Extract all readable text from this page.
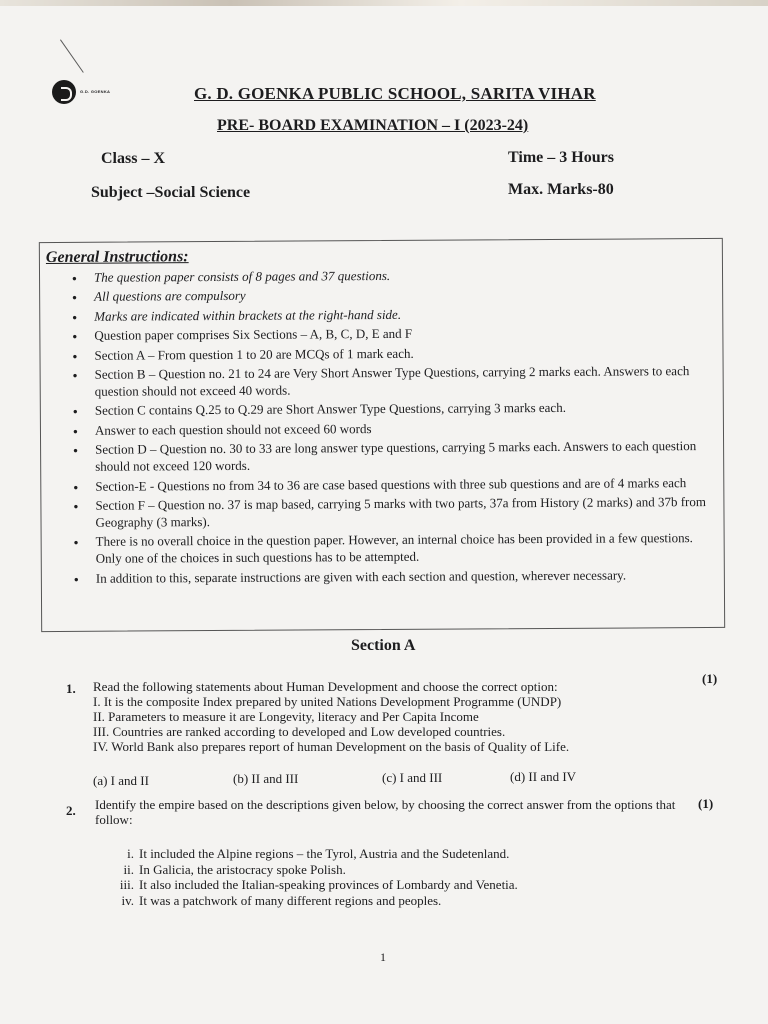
G.D. GOENKA	G. D. GOENKA PUBLIC SCHOOL, SARITA VIHAR
PRE- BOARD EXAMINATION – I (2023-24)
Class – X	Time – 3 Hours
Subject –Social Science	Max. Marks-80
General Instructions:
● The question paper consists of 8 pages and 37 questions.
● All questions are compulsory
● Marks are indicated within brackets at the right-hand side.
● Question paper comprises Six Sections – A, B, C, D, E and F
● Section A – From question 1 to 20 are MCQs of 1 mark each.
● Section B – Question no. 21 to 24 are Very Short Answer Type Questions, carrying 2 marks each. Answers to each question should not exceed 40 words.
● Section C contains Q.25 to Q.29 are Short Answer Type Questions, carrying 3 marks each.
● Answer to each question should not exceed 60 words
● Section D – Question no. 30 to 33 are long answer type questions, carrying 5 marks each. Answers to each question should not exceed 120 words.
● Section-E - Questions no from 34 to 36 are case based questions with three sub questions and are of 4 marks each
● Section F – Question no. 37 is map based, carrying 5 marks with two parts, 37a from History (2 marks) and 37b from Geography (3 marks).
● There is no overall choice in the question paper. However, an internal choice has been provided in a few questions. Only one of the choices in such questions has to be attempted.
● In addition to this, separate instructions are given with each section and question, wherever necessary.
Section A
1. Read the following statements about Human Development and choose the correct option:
(1)
I. It is the composite Index prepared by united Nations Development Programme (UNDP)
II. Parameters to measure it are Longevity, literacy and Per Capita Income
III. Countries are ranked according to developed and Low developed countries.
IV. World Bank also prepares report of human Development on the basis of Quality of Life.
(a) I and II	(b) II and III	(c) I and III	(d) II and IV
2. Identify the empire based on the descriptions given below, by choosing the correct answer from the options that follow:
(1)
i. It included the Alpine regions – the Tyrol, Austria and the Sudetenland.
ii. In Galicia, the aristocracy spoke Polish.
iii. It also included the Italian-speaking provinces of Lombardy and Venetia.
iv. It was a patchwork of many different regions and peoples.
1
